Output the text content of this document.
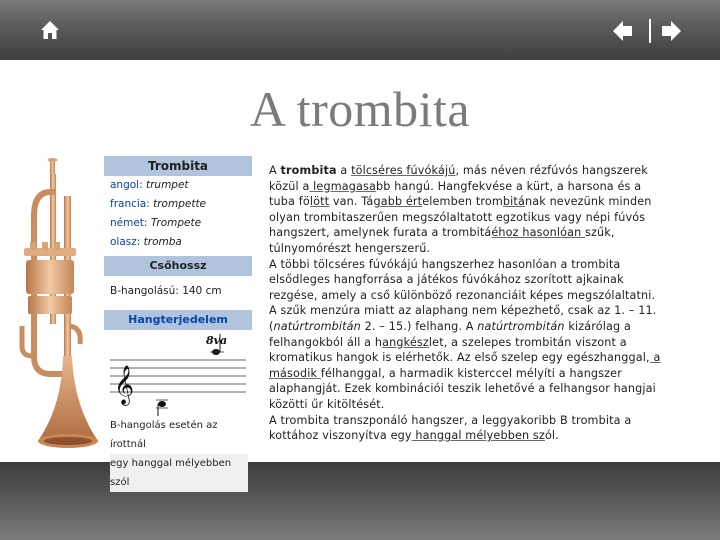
A trombita
Trombita
angol: trumpet
francia: trompette
német: Trompete
olasz: tromba
Csőhossz
B-hangolású: 140 cm
Hangterjedelem
𝄞
8va
B-hangolás esetén az írottnál
egy hanggal mélyebben szól

A trombita a tölcséres fúvókájú, más néven rézfúvós hangszerek közül a legmagasabb hangú. Hangfekvése a kürt, a harsona és a tuba fölött van. Tágabb értelemben trombitának nevezünk minden olyan trombitaszerűen megszólaltatott egzotikus vagy népi fúvós hangszert, amelynek furata a trombitáéhoz hasonlóan szűk, túlnyomórészt hengerszerű.

A többi tölcséres fúvókájú hangszerhez hasonlóan a trombita elsődleges hangforrása a játékos fúvókához szorított ajkainak rezgése, amely a cső különböző rezonanciáit képes megszólaltatni. A szűk menzúra miatt az alaphang nem képezhető, csak az 1. – 11. (natúrtrombitán 2. – 15.) felhang. A natúrtrombitán kizárólag a felhangokból áll a hangkészlet, a szelepes trombitán viszont a kromatikus hangok is elérhetők. Az első szelep egy egészhanggal, a második félhanggal, a harmadik kisterccel mélyíti a hangszer alaphangját. Ezek kombinációi teszik lehetővé a felhangsor hangjai közötti űr kitöltését.

A trombita transzponáló hangszer, a leggyakoribb B trombita a kottához viszonyítva egy hanggal mélyebben szól.
